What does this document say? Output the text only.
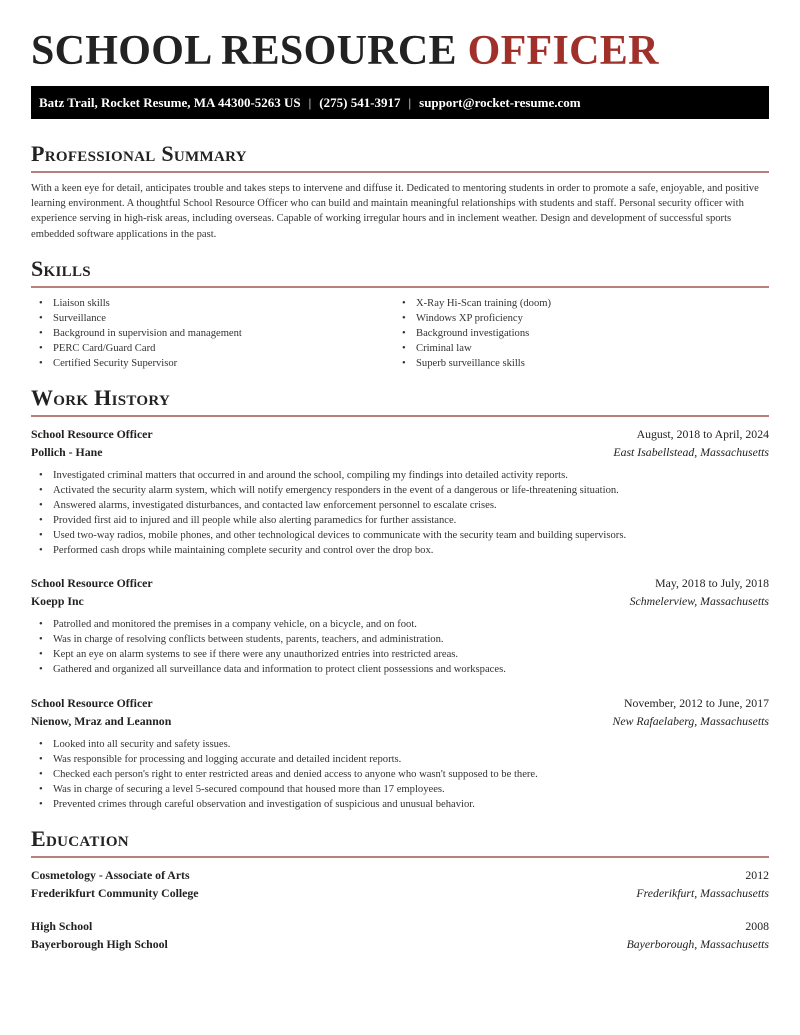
SCHOOL RESOURCE OFFICER
Batz Trail, Rocket Resume, MA 44300-5263 US | (275) 541-3917 | support@rocket-resume.com
Professional Summary

With a keen eye for detail, anticipates trouble and takes steps to intervene and diffuse it. Dedicated to mentoring students in order to promote a safe, enjoyable, and positive learning environment. A thoughtful School Resource Officer who can build and maintain meaningful relationships with students and staff. Personal security officer with experience serving in high-risk areas, including overseas. Capable of working irregular hours and in inclement weather. Design and development of successful sports embedded software applications in the past.

Skills
• Liaison skills
• Surveillance
• Background in supervision and management
• PERC Card/Guard Card
• Certified Security Supervisor
• X-Ray Hi-Scan training (doom)
• Windows XP proficiency
• Background investigations
• Criminal law
• Superb surveillance skills
Work History
School Resource Officer	August, 2018 to April, 2024
Pollich - Hane	East Isabellstead, Massachusetts
• Investigated criminal matters that occurred in and around the school, compiling my findings into detailed activity reports.
• Activated the security alarm system, which will notify emergency responders in the event of a dangerous or life-threatening situation.
• Answered alarms, investigated disturbances, and contacted law enforcement personnel to escalate crises.
• Provided first aid to injured and ill people while also alerting paramedics for further assistance.
• Used two-way radios, mobile phones, and other technological devices to communicate with the security team and building supervisors.
• Performed cash drops while maintaining complete security and control over the drop box.
School Resource Officer	May, 2018 to July, 2018
Koepp Inc	Schmelerview, Massachusetts
• Patrolled and monitored the premises in a company vehicle, on a bicycle, and on foot.
• Was in charge of resolving conflicts between students, parents, teachers, and administration.
• Kept an eye on alarm systems to see if there were any unauthorized entries into restricted areas.
• Gathered and organized all surveillance data and information to protect client possessions and workspaces.
School Resource Officer	November, 2012 to June, 2017
Nienow, Mraz and Leannon	New Rafaelaberg, Massachusetts
• Looked into all security and safety issues.
• Was responsible for processing and logging accurate and detailed incident reports.
• Checked each person's right to enter restricted areas and denied access to anyone who wasn't supposed to be there.
• Was in charge of securing a level 5-secured compound that housed more than 17 employees.
• Prevented crimes through careful observation and investigation of suspicious and unusual behavior.
Education
Cosmetology - Associate of Arts	2012
Frederikfurt Community College	Frederikfurt, Massachusetts
High School	2008
Bayerborough High School	Bayerborough, Massachusetts
